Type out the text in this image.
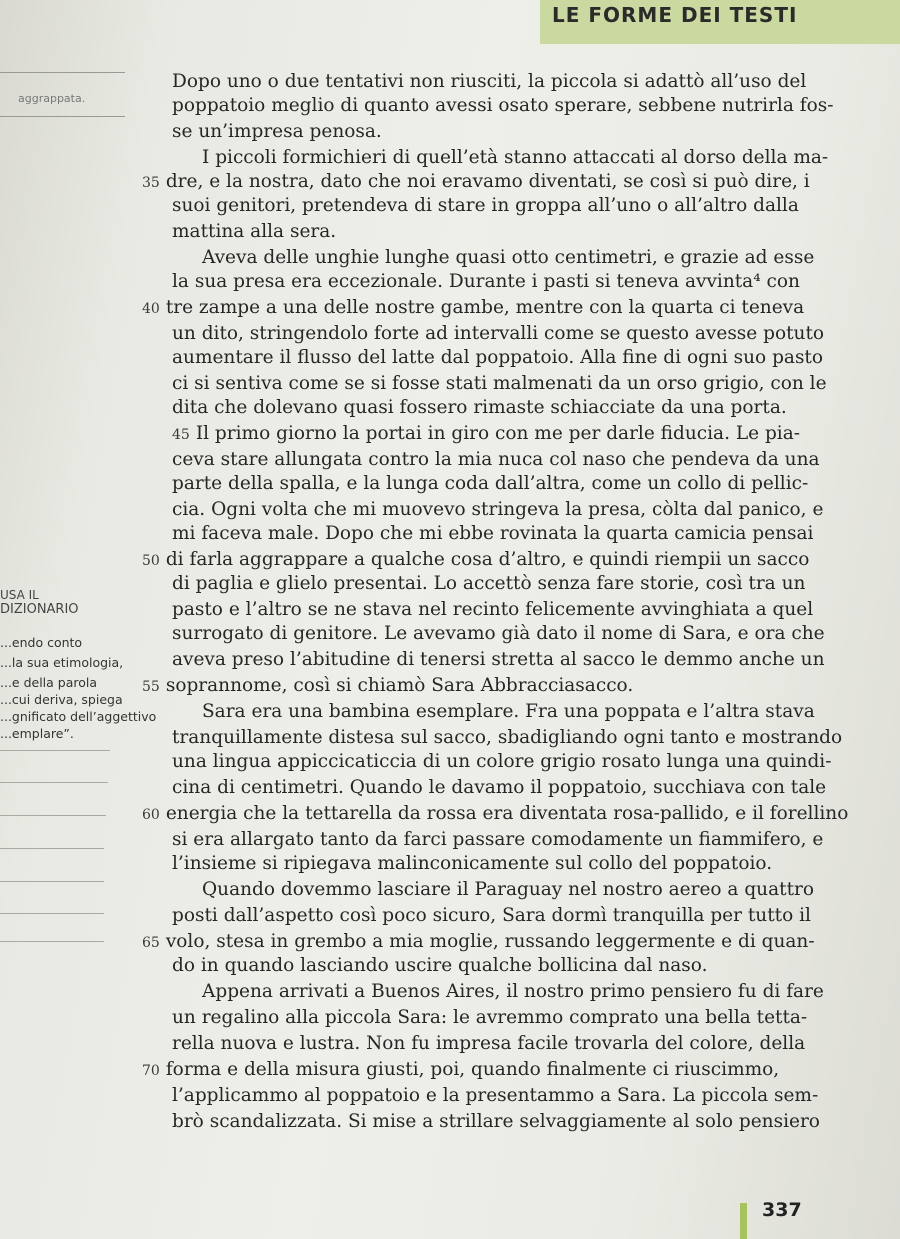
LE FORME DEI TESTI
aggrappata.
USA IL
DIZIONARIO
...endo conto
...la sua etimologia,
...e della parola
...cui deriva, spiega
...gnificato dell’aggettivo
...emplare”.
Dopo uno o due tentativi non riusciti, la piccola si adattò all’uso del
poppatoio meglio di quanto avessi osato sperare, sebbene nutrirla fos-
se un’impresa penosa.
I piccoli formichieri di quell’età stanno attaccati al dorso della ma-
35 dre, e la nostra, dato che noi eravamo diventati, se così si può dire, i
suoi genitori, pretendeva di stare in groppa all’uno o all’altro dalla
mattina alla sera.
Aveva delle unghie lunghe quasi otto centimetri, e grazie ad esse
la sua presa era eccezionale. Durante i pasti si teneva avvinta⁴ con
40 tre zampe a una delle nostre gambe, mentre con la quarta ci teneva
un dito, stringendolo forte ad intervalli come se questo avesse potuto
aumentare il flusso del latte dal poppatoio. Alla fine di ogni suo pasto
ci si sentiva come se si fosse stati malmenati da un orso grigio, con le
dita che dolevano quasi fossero rimaste schiacciate da una porta.
45 Il primo giorno la portai in giro con me per darle fiducia. Le pia-
ceva stare allungata contro la mia nuca col naso che pendeva da una
parte della spalla, e la lunga coda dall’altra, come un collo di pellic-
cia. Ogni volta che mi muovevo stringeva la presa, còlta dal panico, e
mi faceva male. Dopo che mi ebbe rovinata la quarta camicia pensai
50 di farla aggrappare a qualche cosa d’altro, e quindi riempii un sacco
di paglia e glielo presentai. Lo accettò senza fare storie, così tra un
pasto e l’altro se ne stava nel recinto felicemente avvinghiata a quel
surrogato di genitore. Le avevamo già dato il nome di Sara, e ora che
aveva preso l’abitudine di tenersi stretta al sacco le demmo anche un
55 soprannome, così si chiamò Sara Abbracciasacco.
Sara era una bambina esemplare. Fra una poppata e l’altra stava
tranquillamente distesa sul sacco, sbadigliando ogni tanto e mostrando
una lingua appiccicaticcia di un colore grigio rosato lunga una quindi-
cina di centimetri. Quando le davamo il poppatoio, succhiava con tale
60 energia che la tettarella da rossa era diventata rosa-pallido, e il forellino
si era allargato tanto da farci passare comodamente un fiammifero, e
l’insieme si ripiegava malinconicamente sul collo del poppatoio.
Quando dovemmo lasciare il Paraguay nel nostro aereo a quattro
posti dall’aspetto così poco sicuro, Sara dormì tranquilla per tutto il
65 volo, stesa in grembo a mia moglie, russando leggermente e di quan-
do in quando lasciando uscire qualche bollicina dal naso.
Appena arrivati a Buenos Aires, il nostro primo pensiero fu di fare
un regalino alla piccola Sara: le avremmo comprato una bella tetta-
rella nuova e lustra. Non fu impresa facile trovarla del colore, della
70 forma e della misura giusti, poi, quando finalmente ci riuscimmo,
l’applicammo al poppatoio e la presentammo a Sara. La piccola sem-
brò scandalizzata. Si mise a strillare selvaggiamente al solo pensiero
337
